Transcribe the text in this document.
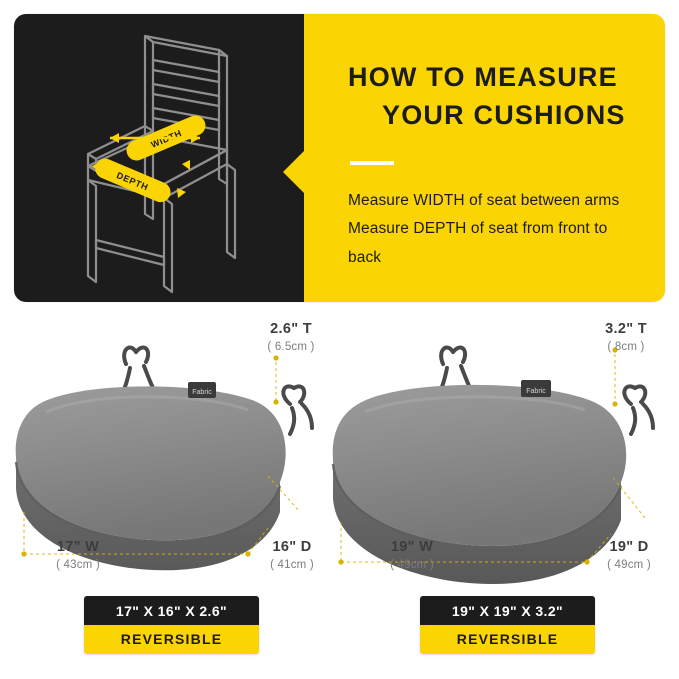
WIDTH
DEPTH
HOW TO MEASURE
YOUR CUSHIONS
Measure WIDTH of seat between arms
Measure DEPTH of seat from front to back
Fabric
2.6" T
( 6.5cm )
17" W
( 43cm )
16" D
( 41cm )
17" X 16" X 2.6"
REVERSIBLE
Fabric
3.2" T
( 8cm )
19" W
( 49cm )
19" D
( 49cm )
19" X 19" X 3.2"
REVERSIBLE
